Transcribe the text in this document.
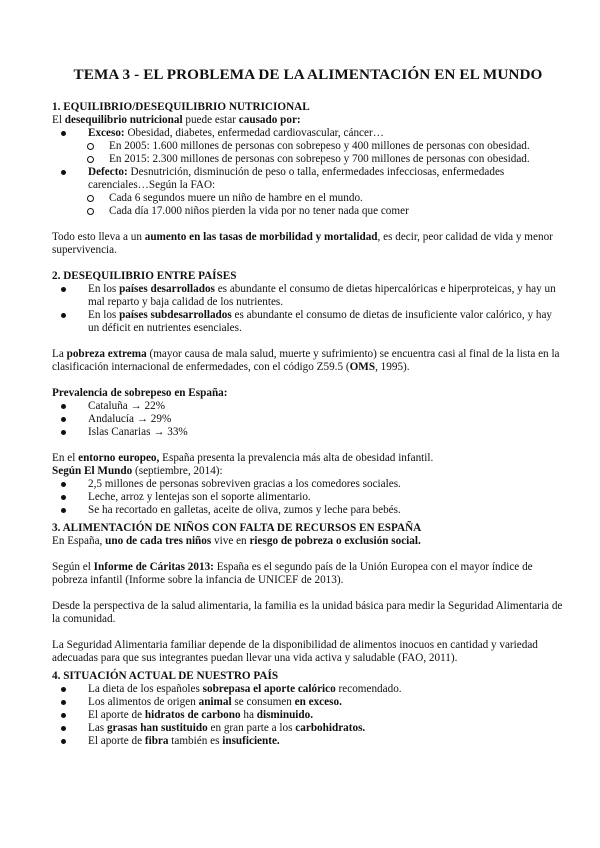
TEMA 3 - EL PROBLEMA DE LA ALIMENTACIÓN EN EL MUNDO

1. EQUILIBRIO/DESEQUILIBRIO NUTRICIONAL

El desequilibrio nutricional puede estar causado por:

Exceso: Obesidad, diabetes, enfermedad cardiovascular, cáncer…
En 2005: 1.600 millones de personas con sobrepeso y 400 millones de personas con obesidad.
En 2015: 2.300 millones de personas con sobrepeso y 700 millones de personas con obesidad.
Defecto: Desnutrición, disminución de peso o talla, enfermedades infecciosas, enfermedades carenciales…Según la FAO:
Cada 6 segundos muere un niño de hambre en el mundo.
Cada día 17.000 niños pierden la vida por no tener nada que comer

Todo esto lleva a un aumento en las tasas de morbilidad y mortalidad, es decir, peor calidad de vida y menor supervivencia.

2. DESEQUILIBRIO ENTRE PAÍSES

En los países desarrollados es abundante el consumo de dietas hipercalóricas e hiperproteicas, y hay un mal reparto y baja calidad de los nutrientes.
En los países subdesarrollados es abundante el consumo de dietas de insuficiente valor calórico, y hay un déficit en nutrientes esenciales.

La pobreza extrema (mayor causa de mala salud, muerte y sufrimiento) se encuentra casi al final de la lista en la clasificación internacional de enfermedades, con el código Z59.5 (OMS, 1995).

Prevalencia de sobrepeso en España:

Cataluña → 22%
Andalucía → 29%
Islas Canarias → 33%

En el entorno europeo, España presenta la prevalencia más alta de obesidad infantil.

Según El Mundo (septiembre, 2014):

2,5 millones de personas sobreviven gracias a los comedores sociales.
Leche, arroz y lentejas son el soporte alimentario.
Se ha recortado en galletas, aceite de oliva, zumos y leche para bebés.

3. ALIMENTACIÓN DE NIÑOS CON FALTA DE RECURSOS EN ESPAÑA

En España, uno de cada tres niños vive en riesgo de pobreza o exclusión social.

Según el Informe de Cáritas 2013: España es el segundo país de la Unión Europea con el mayor índice de pobreza infantil (Informe sobre la infancia de UNICEF de 2013).

Desde la perspectiva de la salud alimentaria, la familia es la unidad básica para medir la Seguridad Alimentaria de la comunidad.

La Seguridad Alimentaria familiar depende de la disponibilidad de alimentos inocuos en cantidad y variedad adecuadas para que sus integrantes puedan llevar una vida activa y saludable (FAO, 2011).

4. SITUACIÓN ACTUAL DE NUESTRO PAÍS

La dieta de los españoles sobrepasa el aporte calórico recomendado.
Los alimentos de origen animal se consumen en exceso.
El aporte de hidratos de carbono ha disminuido.
Las grasas han sustituido en gran parte a los carbohidratos.
El aporte de fibra también es insuficiente.
